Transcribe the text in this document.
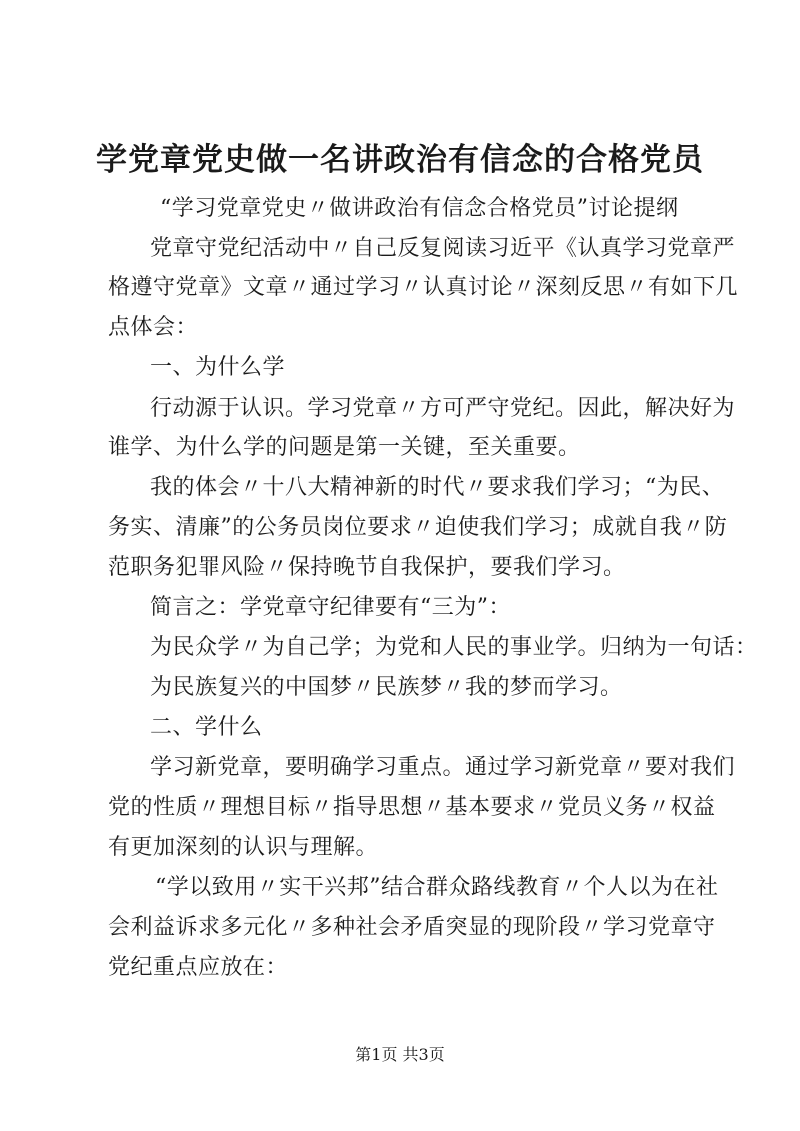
学党章党史做一名讲政治有信念的合格党员
“学习党章党史〃做讲政治有信念合格党员”讨论提纲
党章守党纪活动中〃自己反复阅读习近平《认真学习党章严
格遵守党章》文章〃通过学习〃认真讨论〃深刻反思〃有如下几
点体会：
一、为什么学
行动源于认识。学习党章〃方可严守党纪。因此，解决好为
谁学、为什么学的问题是第一关键，至关重要。
我的体会〃十八大精神新的时代〃要求我们学习；“为民、
务实、清廉”的公务员岗位要求〃迫使我们学习；成就自我〃防
范职务犯罪风险〃保持晚节自我保护，要我们学习。
简言之：学党章守纪律要有“三为”：
为民众学〃为自己学；为党和人民的事业学。归纳为一句话：
为民族复兴的中国梦〃民族梦〃我的梦而学习。
二、学什么
学习新党章，要明确学习重点。通过学习新党章〃要对我们
党的性质〃理想目标〃指导思想〃基本要求〃党员义务〃权益
有更加深刻的认识与理解。
“学以致用〃实干兴邦”结合群众路线教育〃个人以为在社
会利益诉求多元化〃多种社会矛盾突显的现阶段〃学习党章守
党纪重点应放在：
第1页 共3页
